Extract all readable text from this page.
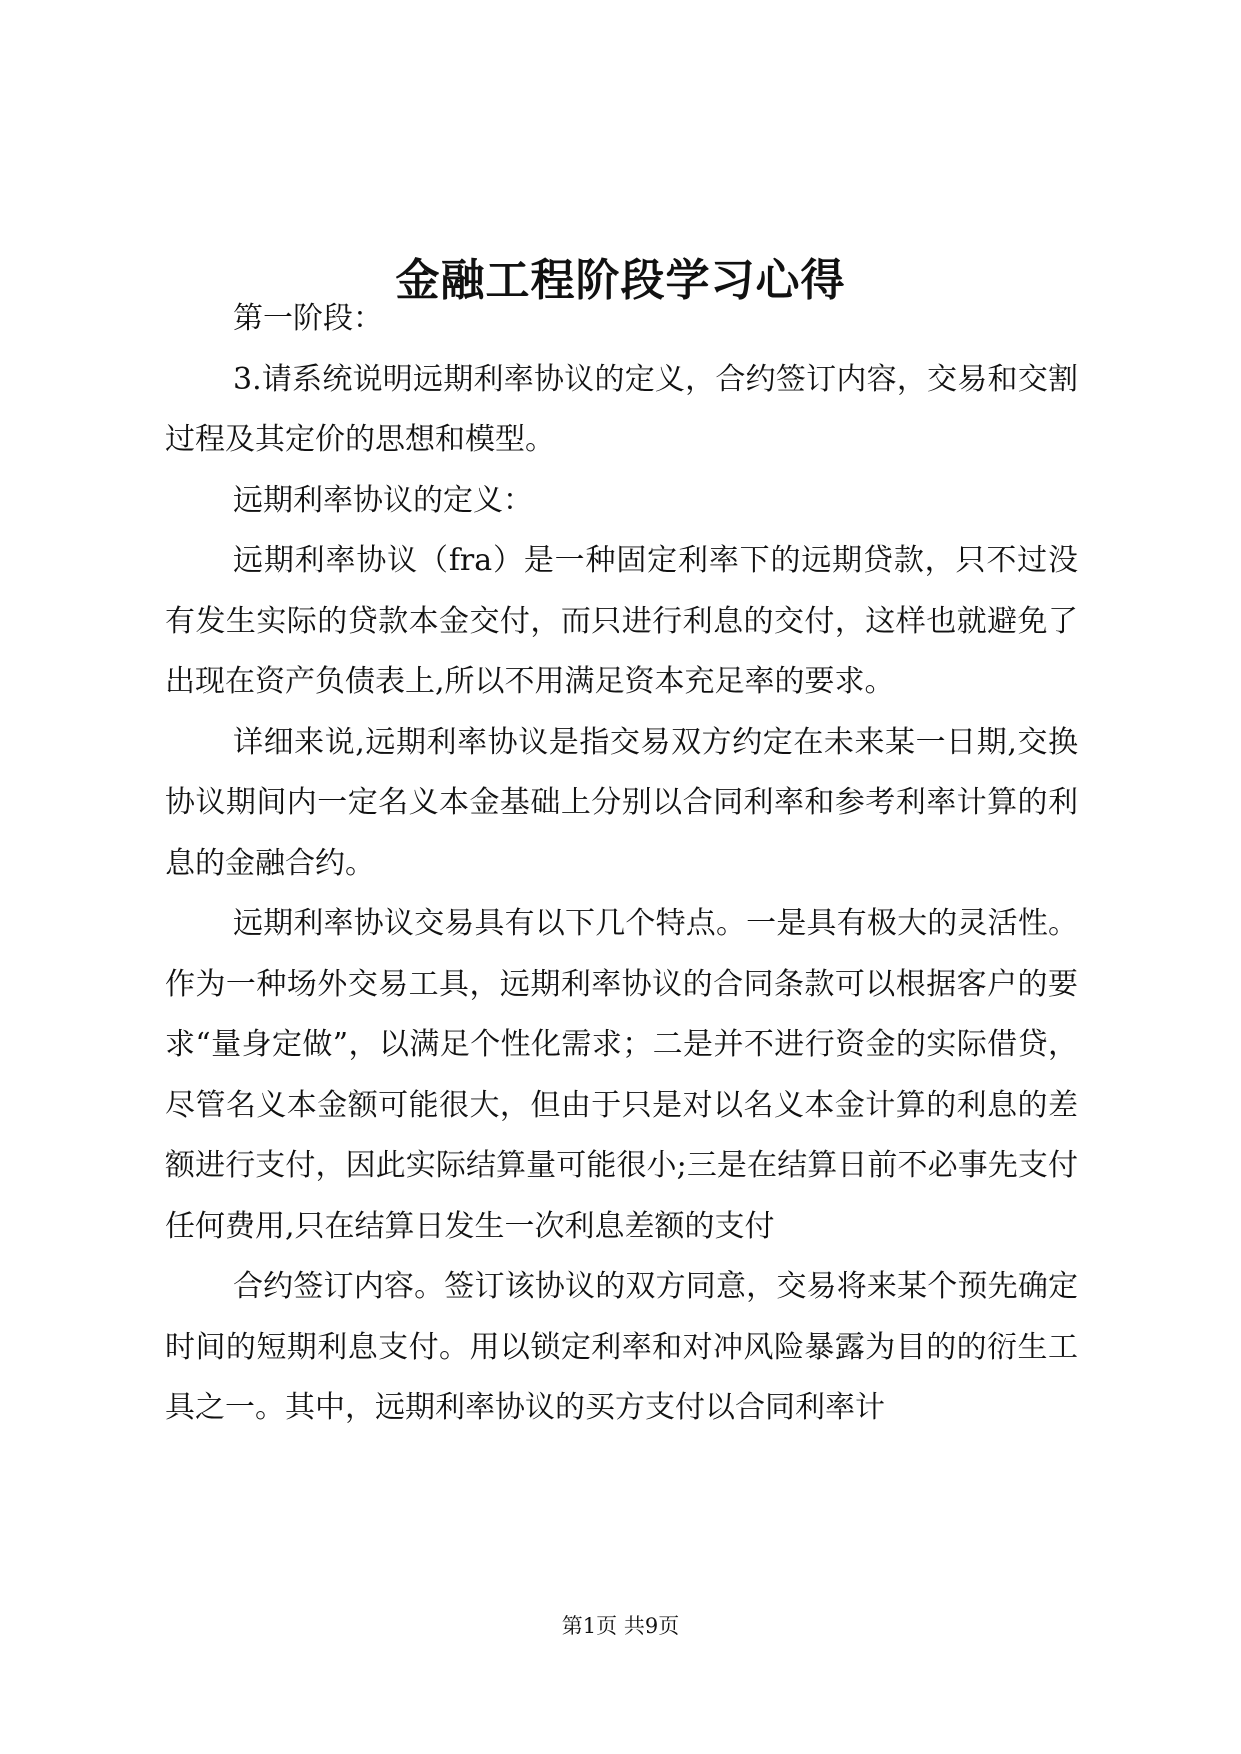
金融工程阶段学习心得

第一阶段：

3.请系统说明远期利率协议的定义，合约签订内容，交易和交割过程及其定价的思想和模型。

远期利率协议的定义：

远期利率协议（fra）是一种固定利率下的远期贷款，只不过没有发生实际的贷款本金交付，而只进行利息的交付，这样也就避免了出现在资产负债表上,所以不用满足资本充足率的要求。

详细来说,远期利率协议是指交易双方约定在未来某一日期,交换协议期间内一定名义本金基础上分别以合同利率和参考利率计算的利息的金融合约。

远期利率协议交易具有以下几个特点。一是具有极大的灵活性。作为一种场外交易工具，远期利率协议的合同条款可以根据客户的要求“量身定做”，以满足个性化需求；二是并不进行资金的实际借贷，尽管名义本金额可能很大，但由于只是对以名义本金计算的利息的差额进行支付，因此实际结算量可能很小;三是在结算日前不必事先支付任何费用,只在结算日发生一次利息差额的支付

合约签订内容。签订该协议的双方同意，交易将来某个预先确定时间的短期利息支付。用以锁定利率和对冲风险暴露为目的的衍生工具之一。其中，远期利率协议的买方支付以合同利率计

第1页 共9页
